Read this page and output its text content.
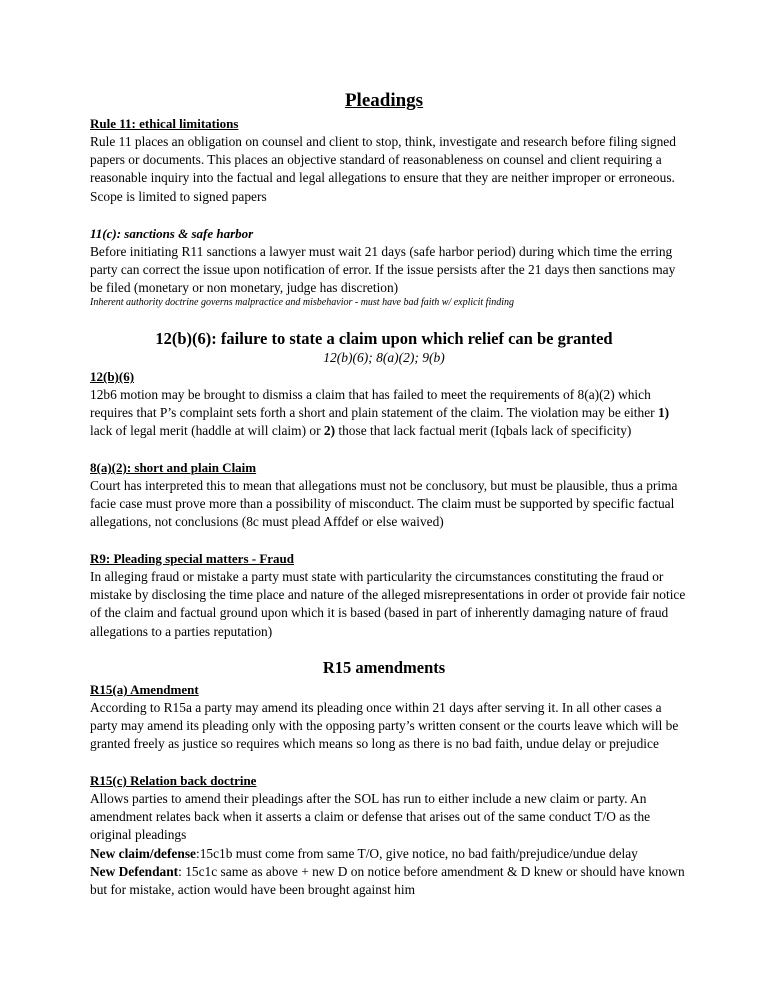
Pleadings
Rule 11: ethical limitations
Rule 11 places an obligation on counsel and client to stop, think, investigate and research before filing signed papers or documents. This places an objective standard of reasonableness on counsel and client requiring a reasonable inquiry into the factual and legal allegations to ensure that they are neither improper or erroneous. Scope is limited to signed papers
11(c): sanctions & safe harbor
Before initiating R11 sanctions a lawyer must wait 21 days (safe harbor period) during which time the erring party can correct the issue upon notification of error. If the issue persists after the 21 days then sanctions may be filed (monetary or non monetary, judge has discretion)
Inherent authority doctrine governs malpractice and misbehavior - must have bad faith w/ explicit finding
12(b)(6): failure to state a claim upon which relief can be granted
12(b)(6); 8(a)(2); 9(b)
12(b)(6)
12b6 motion may be brought to dismiss a claim that has failed to meet the requirements of 8(a)(2) which requires that P’s complaint sets forth a short and plain statement of the claim. The violation may be either 1) lack of legal merit (haddle at will claim) or 2) those that lack factual merit (Iqbals lack of specificity)
8(a)(2): short and plain Claim
Court has interpreted this to mean that allegations must not be conclusory, but must be plausible, thus a prima facie case must prove more than a possibility of misconduct. The claim must be supported by specific factual allegations, not conclusions (8c must plead Affdef or else waived)
R9: Pleading special matters - Fraud
In alleging fraud or mistake a party must state with particularity the circumstances constituting the fraud or mistake by disclosing the time place and nature of the alleged misrepresentations in order ot provide fair notice of the claim and factual ground upon which it is based (based in part of inherently damaging nature of fraud allegations to a parties reputation)
R15 amendments
R15(a) Amendment
According to R15a a party may amend its pleading once within 21 days after serving it. In all other cases a party may amend its pleading only with the opposing party’s written consent or the courts leave which will be granted freely as justice so requires which means so long as there is no bad faith, undue delay or prejudice
R15(c) Relation back doctrine
Allows parties to amend their pleadings after the SOL has run to either include a new claim or party. An amendment relates back when it asserts a claim or defense that arises out of the same conduct T/O as the original pleadings
New claim/defense:15c1b must come from same T/O, give notice, no bad faith/prejudice/undue delay
New Defendant: 15c1c same as above + new D on notice before amendment & D knew or should have known but for mistake, action would have been brought against him
